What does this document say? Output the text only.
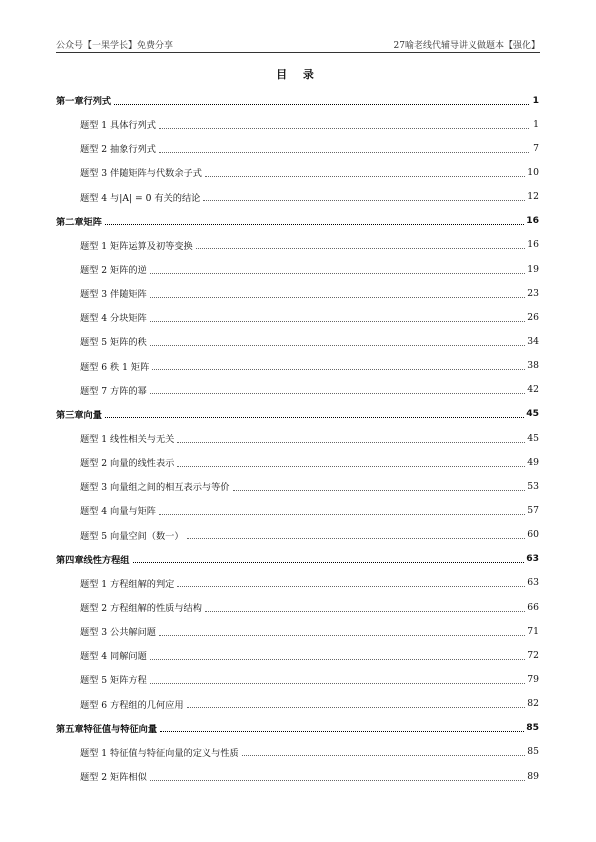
公众号【一果学长】免费分享	27喻老线代辅导讲义做题本【强化】
目 录
第一章行列式	1
题型 1 具体行列式	1
题型 2 抽象行列式	7
题型 3 伴随矩阵与代数余子式	10
题型 4 与|A| = 0 有关的结论	12
第二章矩阵	16
题型 1 矩阵运算及初等变换	16
题型 2 矩阵的逆	19
题型 3 伴随矩阵	23
题型 4 分块矩阵	26
题型 5 矩阵的秩	34
题型 6 秩 1 矩阵	38
题型 7 方阵的幂	42
第三章向量	45
题型 1 线性相关与无关	45
题型 2 向量的线性表示	49
题型 3 向量组之间的相互表示与等价	53
题型 4 向量与矩阵	57
题型 5 向量空间（数一）	60
第四章线性方程组	63
题型 1 方程组解的判定	63
题型 2 方程组解的性质与结构	66
题型 3 公共解问题	71
题型 4 同解问题	72
题型 5 矩阵方程	79
题型 6 方程组的几何应用	82
第五章特征值与特征向量	85
题型 1 特征值与特征向量的定义与性质	85
题型 2 矩阵相似	89
